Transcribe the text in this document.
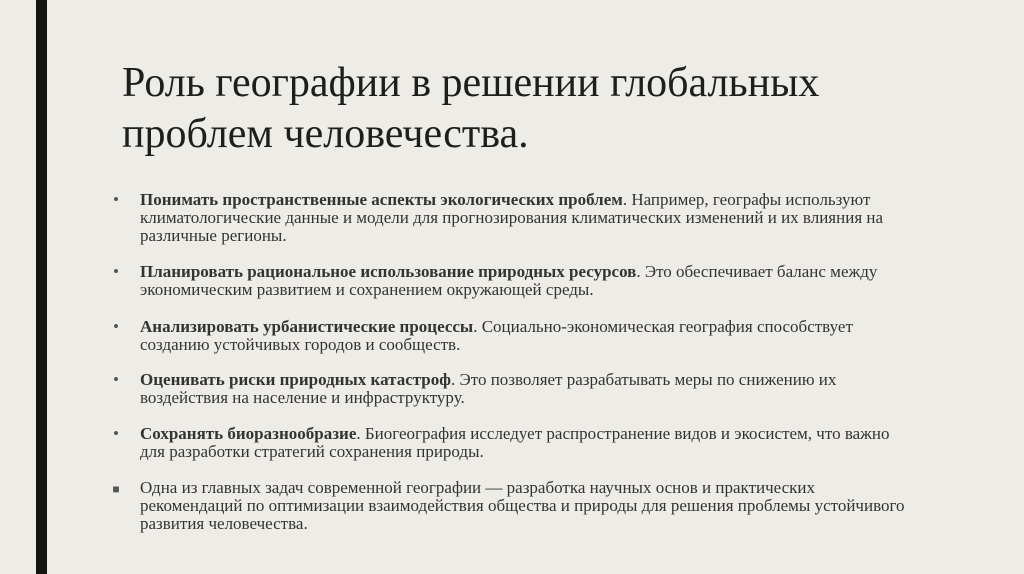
Роль географии в решении глобальных
проблем человечества.
•	Понимать пространственные аспекты экологических проблем. Например, географы используют климатологические данные и модели для прогнозирования климатических изменений и их влияния на различные регионы.
•	Планировать рациональное использование природных ресурсов. Это обеспечивает баланс между экономическим развитием и сохранением окружающей среды.
•	Анализировать урбанистические процессы. Социально-экономическая география способствует созданию устойчивых городов и сообществ.
•	Оценивать риски природных катастроф. Это позволяет разрабатывать меры по снижению их воздействия на население и инфраструктуру.
•	Сохранять биоразнообразие. Биогеография исследует распространение видов и экосистем, что важно для разработки стратегий сохранения природы.
■	Одна из главных задач современной географии — разработка научных основ и практических рекомендаций по оптимизации взаимодействия общества и природы для решения проблемы устойчивого развития человечества.
